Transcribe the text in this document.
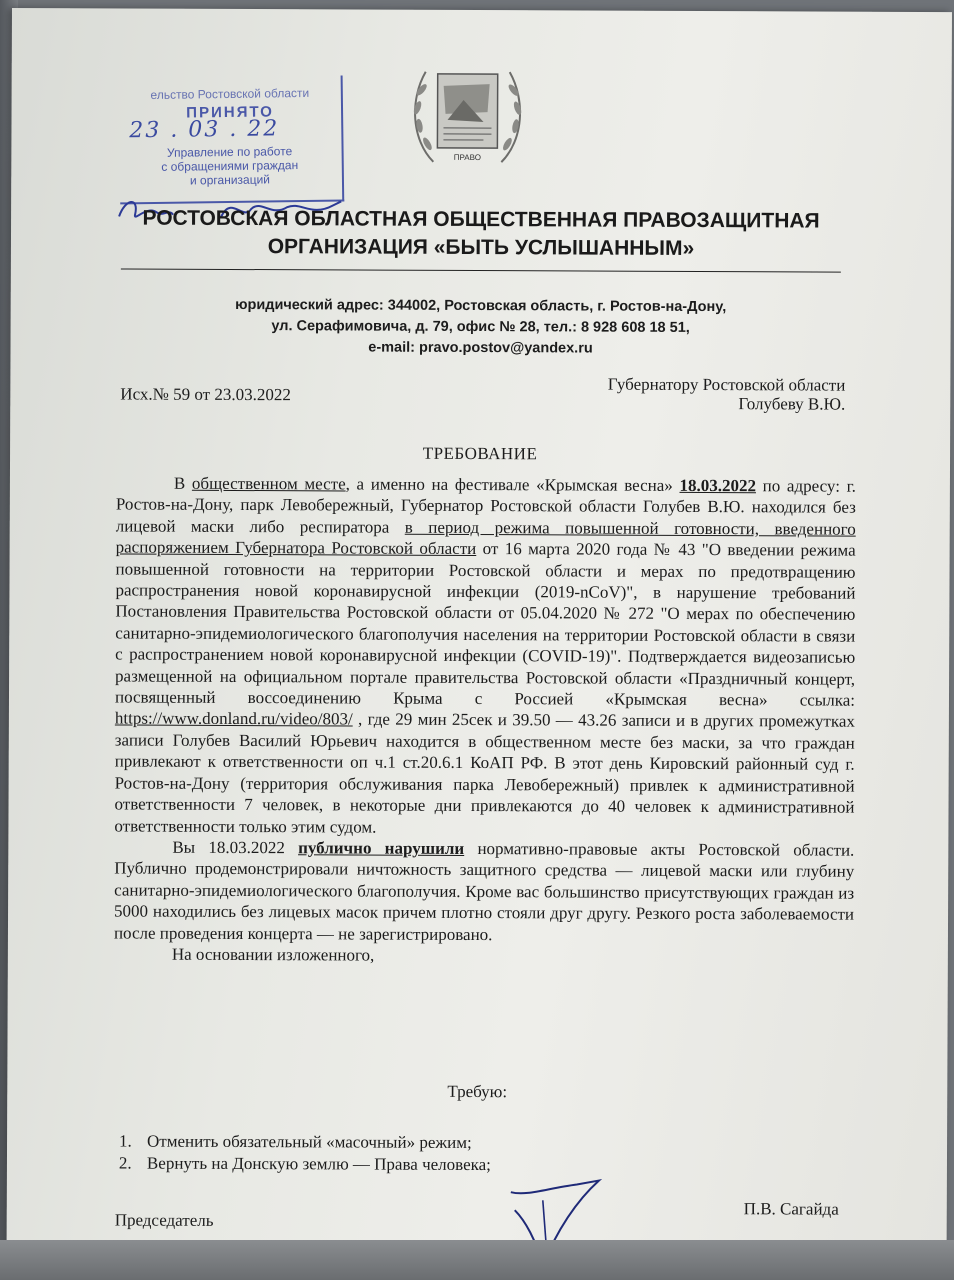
ельство Ростовской области
ПРИНЯТО
23 . 03 . 22
Управление по работе
с обращениями граждан
и организаций
ПРАВО
РОСТОВСКАЯ ОБЛАСТНАЯ ОБЩЕСТВЕННАЯ ПРАВОЗАЩИТНАЯ
ОРГАНИЗАЦИЯ «БЫТЬ УСЛЫШАННЫМ»
юридический адрес: 344002, Ростовская область, г. Ростов-на-Дону,
ул. Серафимовича, д. 79, офис № 28, тел.: 8 928 608 18 51,
e-mail: pravo.postov@yandex.ru
Исх.№ 59 от 23.03.2022	Губернатору Ростовской области
Голубеву В.Ю.
ТРЕБОВАНИЕ

В общественном месте, а именно на фестивале «Крымская весна» 18.03.2022 по адресу: г. Ростов-на-Дону, парк Левобережный, Губернатор Ростовской области Голубев В.Ю. находился без лицевой маски либо респиратора в период режима повышенной готовности, введенного распоряжением Губернатора Ростовской области от 16 марта 2020 года № 43 "О введении режима повышенной готовности на территории Ростовской области и мерах по предотвращению распространения новой коронавирусной инфекции (2019-nCoV)", в нарушение требований Постановления Правительства Ростовской области от 05.04.2020 № 272 "О мерах по обеспечению санитарно-эпидемиологического благополучия населения на территории Ростовской области в связи с распространением новой коронавирусной инфекции (COVID-19)". Подтверждается видеозаписью размещенной на официальном портале правительства Ростовской области «Праздничный концерт, посвященный воссоединению Крыма с Россией «Крымская весна» ссылка: https://www.donland.ru/video/803/ , где 29 мин 25сек и 39.50 — 43.26 записи и в других промежутках записи Голубев Василий Юрьевич находится в общественном месте без маски, за что граждан привлекают к ответственности оп ч.1 ст.20.6.1 КоАП РФ. В этот день Кировский районный суд г. Ростов-на-Дону (территория обслуживания парка Левобережный) привлек к административной ответственности 7 человек, в некоторые дни привлекаются до 40 человек к административной ответственности только этим судом.

Вы 18.03.2022 публично нарушили нормативно-правовые акты Ростовской области. Публично продемонстрировали ничтожность защитного средства — лицевой маски или глубину санитарно-эпидемиологического благополучия. Кроме вас большинство присутствующих граждан из 5000 находились без лицевых масок причем плотно стояли друг другу. Резкого роста заболеваемости после проведения концерта — не зарегистрировано.

На основании изложенного,

Требую:
1. Отменить обязательный «масочный» режим;
2. Вернуть на Донскую землю — Права человека;
Председатель
П.В. Сагайда
